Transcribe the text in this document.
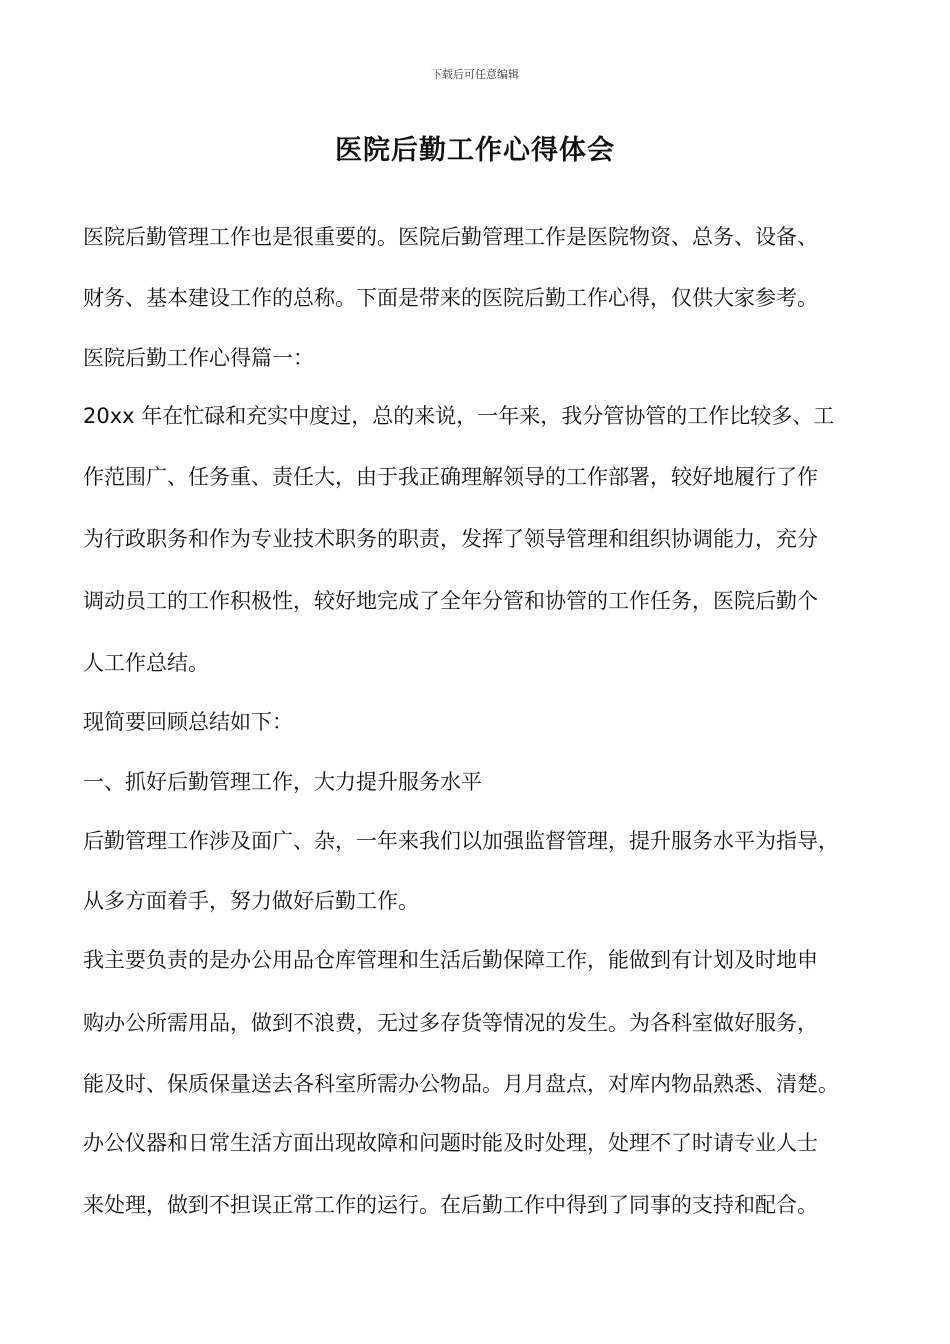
下载后可任意编辑
医院后勤工作心得体会
医院后勤管理工作也是很重要的。医院后勤管理工作是医院物资、总务、设备、
财务、基本建设工作的总称。下面是带来的医院后勤工作心得，仅供大家参考。
医院后勤工作心得篇一：
20xx 年在忙碌和充实中度过，总的来说，一年来，我分管协管的工作比较多、工
作范围广、任务重、责任大，由于我正确理解领导的工作部署，较好地履行了作
为行政职务和作为专业技术职务的职责，发挥了领导管理和组织协调能力，充分
调动员工的工作积极性，较好地完成了全年分管和协管的工作任务，医院后勤个
人工作总结。
现简要回顾总结如下：
一、抓好后勤管理工作，大力提升服务水平
后勤管理工作涉及面广、杂，一年来我们以加强监督管理，提升服务水平为指导，
从多方面着手，努力做好后勤工作。
我主要负责的是办公用品仓库管理和生活后勤保障工作，能做到有计划及时地申
购办公所需用品，做到不浪费，无过多存货等情况的发生。为各科室做好服务，
能及时、保质保量送去各科室所需办公物品。月月盘点，对库内物品熟悉、清楚。
办公仪器和日常生活方面出现故障和问题时能及时处理，处理不了时请专业人士
来处理，做到不担误正常工作的运行。在后勤工作中得到了同事的支持和配合。
